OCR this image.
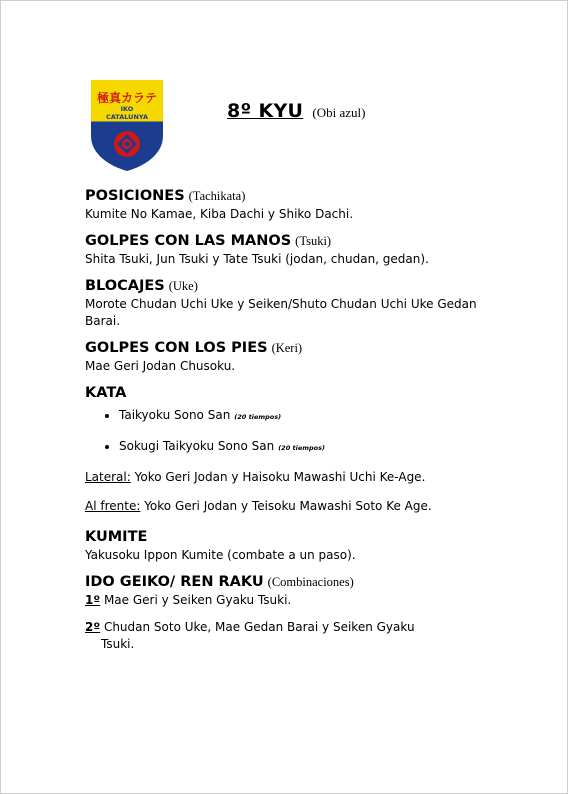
極真カラテ
IKO
CATALUNYA	8º KYU (Obi azul)

POSICIONES (Tachikata)

Kumite No Kamae, Kiba Dachi y Shiko Dachi.

GOLPES CON LAS MANOS (Tsuki)

Shita Tsuki, Jun Tsuki y Tate Tsuki (jodan, chudan, gedan).

BLOCAJES (Uke)

Morote Chudan Uchi Uke y Seiken/Shuto Chudan Uchi Uke Gedan Barai.

GOLPES CON LOS PIES (Keri)

Mae Geri Jodan Chusoku.

KATA

• Taikyoku Sono San (20 tiempos)
• Sokugi Taikyoku Sono San (20 tiempos)

Lateral: Yoko Geri Jodan y Haisoku Mawashi Uchi Ke-Age.

Al frente: Yoko Geri Jodan y Teisoku Mawashi Soto Ke Age.

KUMITE

Yakusoku Ippon Kumite (combate a un paso).

IDO GEIKO/ REN RAKU (Combinaciones)

1º Mae Geri y Seiken Gyaku Tsuki.

2º Chudan Soto Uke, Mae Gedan Barai y Seiken Gyaku

Tsuki.
